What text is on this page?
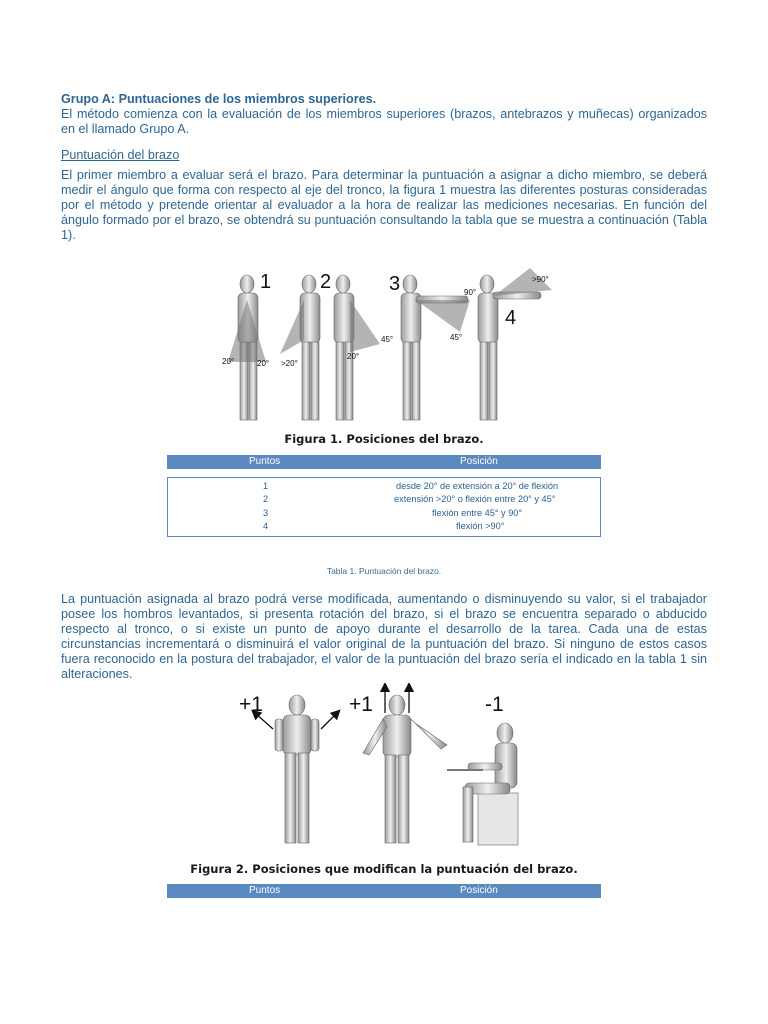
Grupo A: Puntuaciones de los miembros superiores.

El método comienza con la evaluación de los miembros superiores (brazos, antebrazos y muñecas) organizados en el llamado Grupo A.

Puntuación del brazo

El primer miembro a evaluar será el brazo. Para determinar la puntuación a asignar a dicho miembro, se deberá medir el ángulo que forma con respecto al eje del tronco, la figura 1 muestra las diferentes posturas consideradas por el método y pretende orientar al evaluador a la hora de realizar las mediciones necesarias. En función del ángulo formado por el brazo, se obtendrá su puntuación consultando la tabla que se muestra a continuación (Tabla 1).

1 2	3
4
20°	20° >20°
20°
45°
90°
45°
>90°
Figura 1. Posiciones del brazo.
Puntos	Posición
1	desde 20° de extensión a 20° de flexión
2	extensión >20° o flexión entre 20° y 45°
3	flexión entre 45° y 90°
4	flexión >90°
Tabla 1. Puntuación del brazo.

La puntuación asignada al brazo podrá verse modificada, aumentando o disminuyendo su valor, si el trabajador posee los hombros levantados, si presenta rotación del brazo, si el brazo se encuentra separado o abducido respecto al tronco, o si existe un punto de apoyo durante el desarrollo de la tarea. Cada una de estas circunstancias incrementará o disminuirá el valor original de la puntuación del brazo. Si ninguno de estos casos fuera reconocido en la postura del trabajador, el valor de la puntuación del brazo sería el indicado en la tabla 1 sin alteraciones.

+1	+1	-1
Figura 2. Posiciones que modifican la puntuación del brazo.
Puntos	Posición
